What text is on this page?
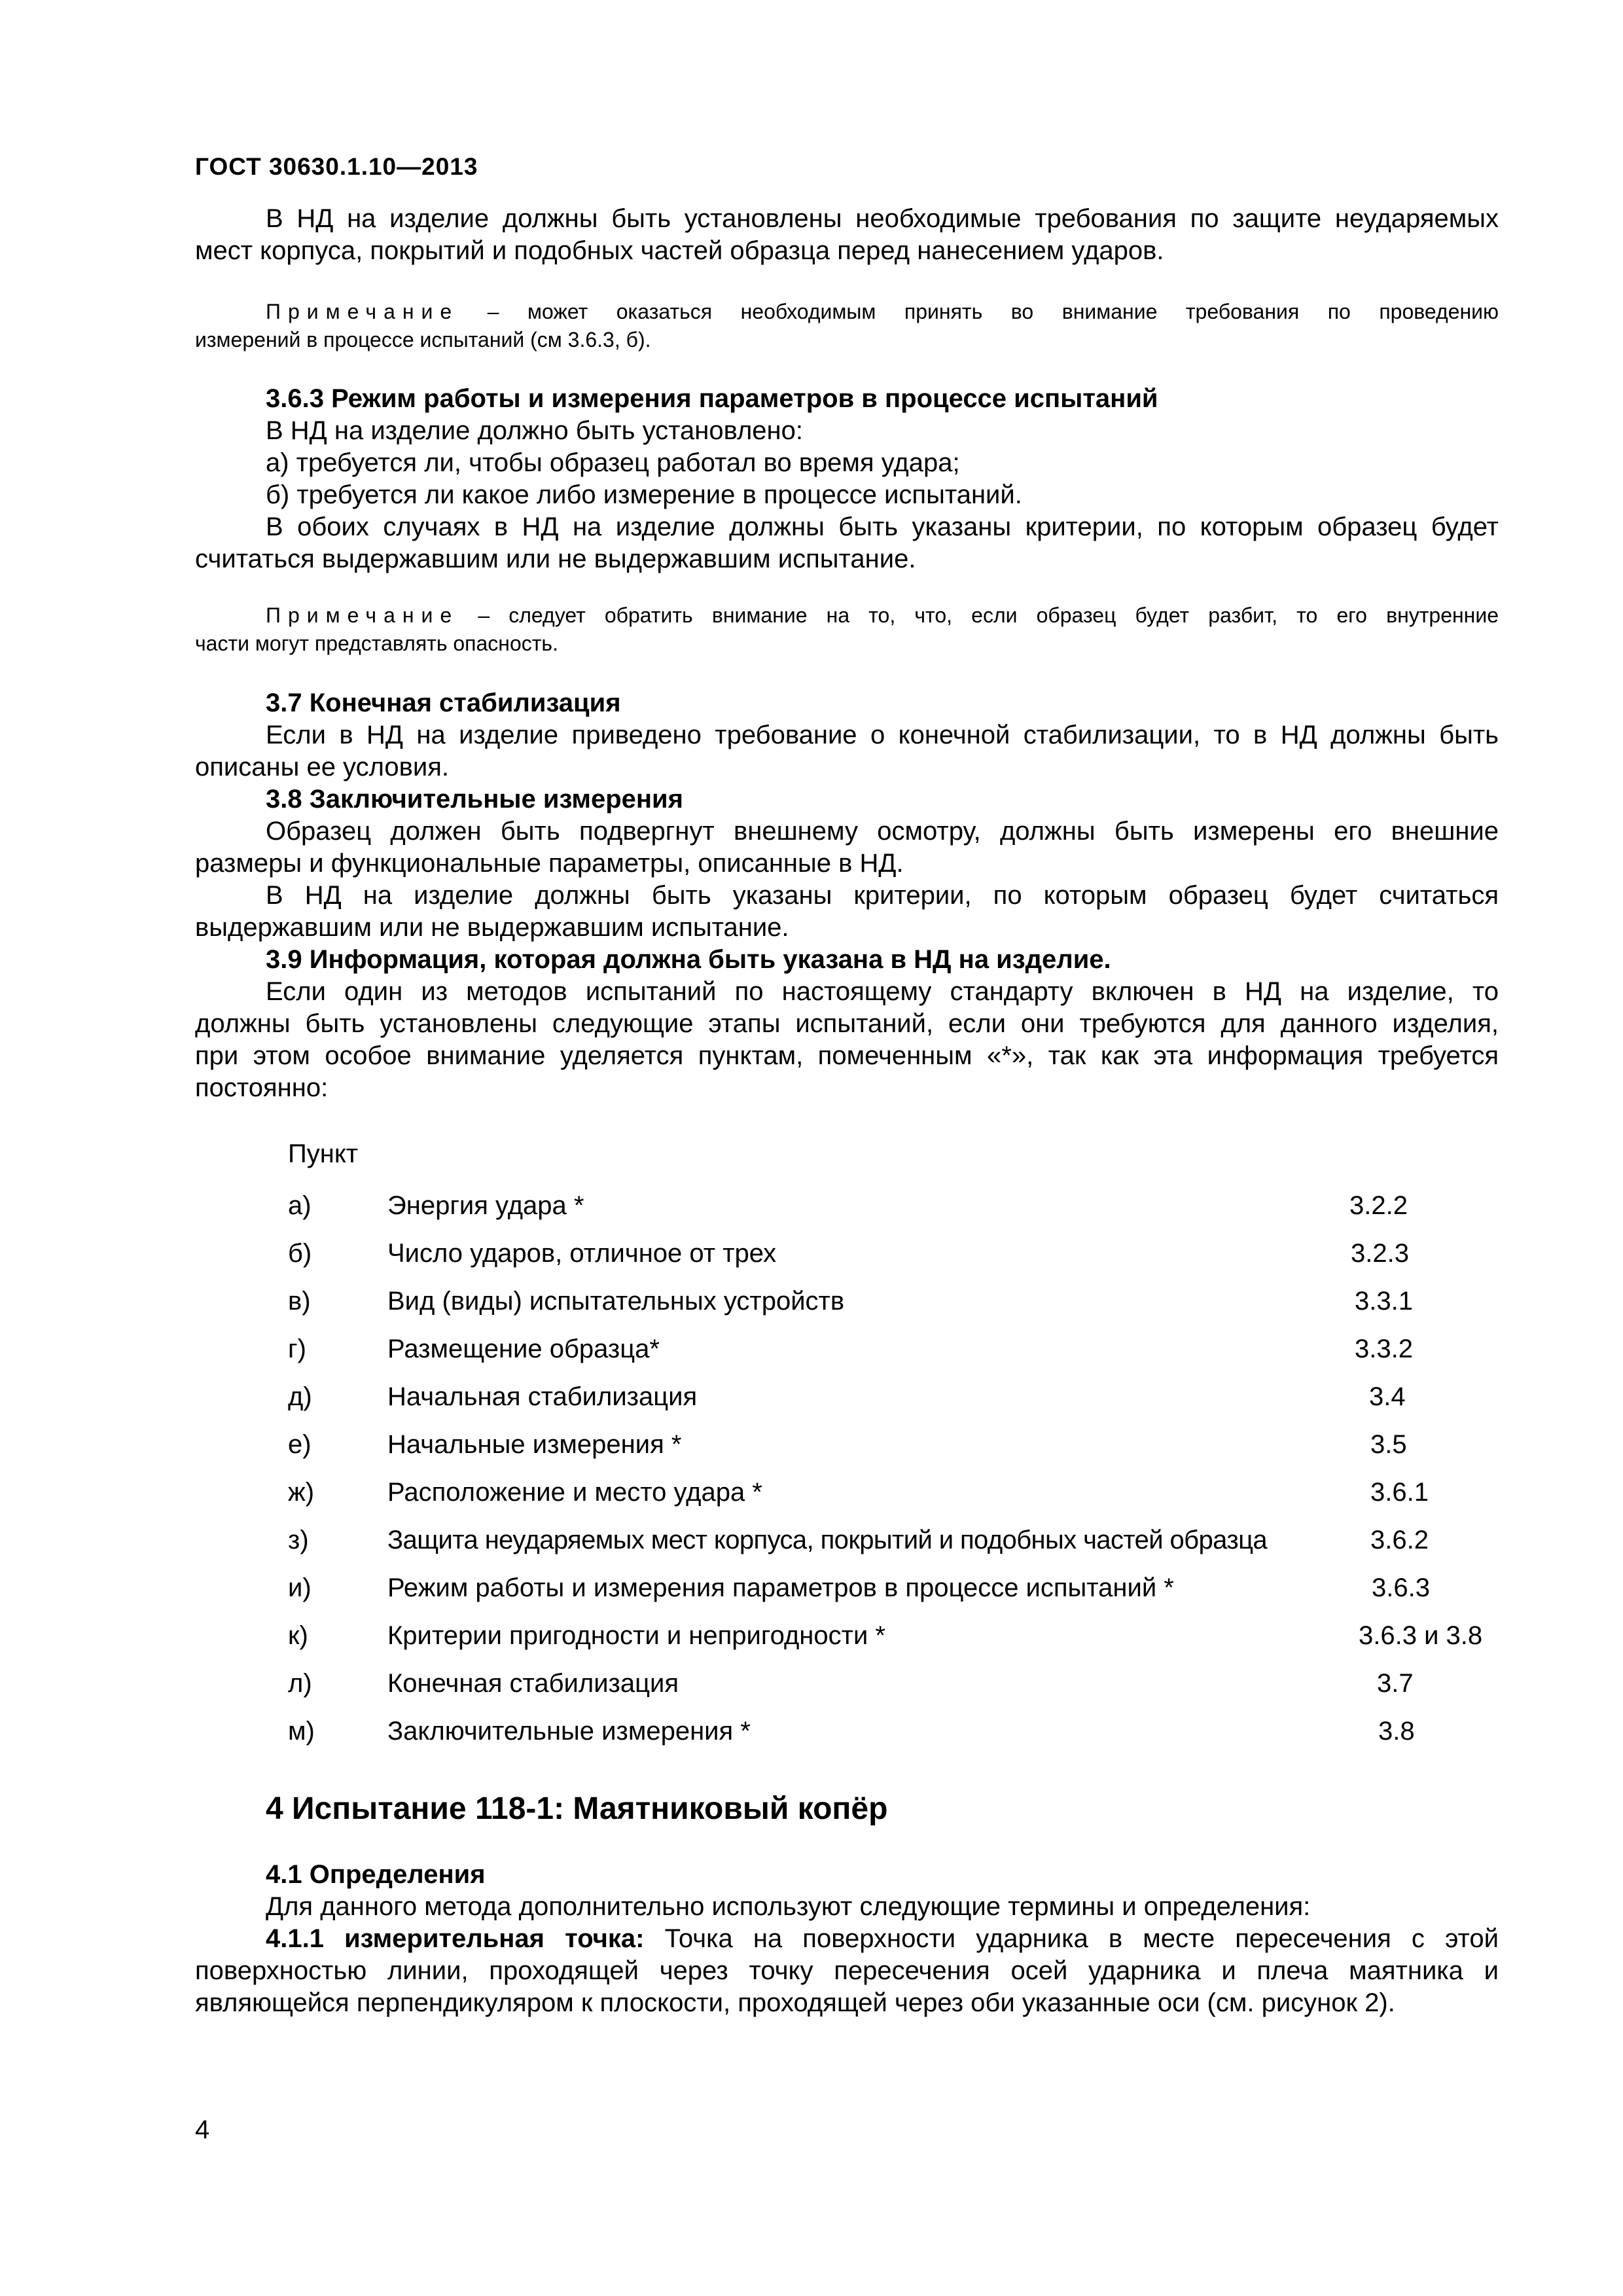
ГОСТ 30630.1.10—2013
В НД на изделие должны быть установлены необходимые требования по защите неударяемых
мест корпуса, покрытий и подобных частей образца перед нанесением ударов.
Примечание – может оказаться необходимым принять во внимание требования по проведению
измерений в процессе испытаний (см 3.6.3, б).
3.6.3 Режим работы и измерения параметров в процессе испытаний
В НД на изделие должно быть установлено:
а) требуется ли, чтобы образец работал во время удара;
б) требуется ли какое либо измерение в процессе испытаний.
В обоих случаях в НД на изделие должны быть указаны критерии, по которым образец будет
считаться выдержавшим или не выдержавшим испытание.
Примечание – следует обратить внимание на то, что, если образец будет разбит, то его внутренние
части могут представлять опасность.
3.7 Конечная стабилизация
Если в НД на изделие приведено требование о конечной стабилизации, то в НД должны быть
описаны ее условия.
3.8 Заключительные измерения
Образец должен быть подвергнут внешнему осмотру, должны быть измерены его внешние
размеры и функциональные параметры, описанные в НД.
В НД на изделие должны быть указаны критерии, по которым образец будет считаться
выдержавшим или не выдержавшим испытание.
3.9 Информация, которая должна быть указана в НД на изделие.
Если один из методов испытаний по настоящему стандарту включен в НД на изделие, то
должны быть установлены следующие этапы испытаний, если они требуются для данного изделия,
при этом особое внимание уделяется пунктам, помеченным «*», так как эта информация требуется
постоянно:
Пункт
а)	Энергия удара *	3.2.2
б)	Число ударов, отличное от трех	3.2.3
в)	Вид (виды) испытательных устройств	3.3.1
г)	Размещение образца*	3.3.2
д)	Начальная стабилизация	3.4
е)	Начальные измерения *	3.5
ж)	Расположение и место удара *	3.6.1
з)	Защита неударяемых мест корпуса, покрытий и подобных частей образца	3.6.2
и)	Режим работы и измерения параметров в процессе испытаний *	3.6.3
к)	Критерии пригодности и непригодности *	3.6.3 и 3.8
л)	Конечная стабилизация	3.7
м)	Заключительные измерения *	3.8
4 Испытание 118-1: Маятниковый копёр
4.1 Определения
Для данного метода дополнительно используют следующие термины и определения:
4.1.1 измерительная точка: Точка на поверхности ударника в месте пересечения с этой
поверхностью линии, проходящей через точку пересечения осей ударника и плеча маятника и
являющейся перпендикуляром к плоскости, проходящей через оби указанные оси (см. рисунок 2).
4
